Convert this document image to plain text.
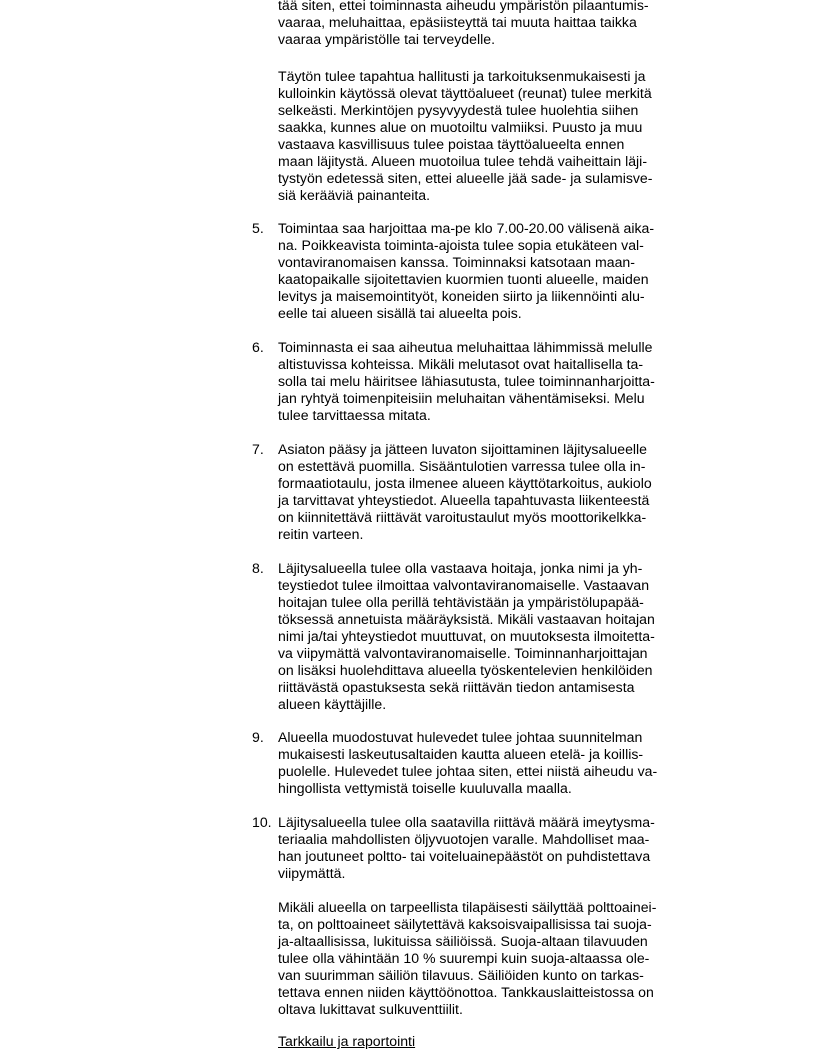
tää siten, ettei toiminnasta aiheudu ympäristön pilaantumis-
vaaraa, meluhaittaa, epäsiisteyttä tai muuta haittaa taikka
vaaraa ympäristölle tai terveydelle.
Täytön tulee tapahtua hallitusti ja tarkoituksenmukaisesti ja
kulloinkin käytössä olevat täyttöalueet (reunat) tulee merkitä
selkeästi. Merkintöjen pysyvyydestä tulee huolehtia siihen
saakka, kunnes alue on muotoiltu valmiiksi. Puusto ja muu
vastaava kasvillisuus tulee poistaa täyttöalueelta ennen
maan läjitystä. Alueen muotoilua tulee tehdä vaiheittain läji-
tystyön edetessä siten, ettei alueelle jää sade- ja sulamisve-
siä kerääviä painanteita.
5. Toimintaa saa harjoittaa ma-pe klo 7.00-20.00 välisenä aika-
na. Poikkeavista toiminta-ajoista tulee sopia etukäteen val-
vontaviranomaisen kanssa. Toiminnaksi katsotaan maan-
kaatopaikalle sijoitettavien kuormien tuonti alueelle, maiden
levitys ja maisemointityöt, koneiden siirto ja liikennöinti alu-
eelle tai alueen sisällä tai alueelta pois.
6. Toiminnasta ei saa aiheutua meluhaittaa lähimmissä melulle
altistuvissa kohteissa. Mikäli melutasot ovat haitallisella ta-
solla tai melu häiritsee lähiasutusta, tulee toiminnanharjoitta-
jan ryhtyä toimenpiteisiin meluhaitan vähentämiseksi. Melu
tulee tarvittaessa mitata.
7. Asiaton pääsy ja jätteen luvaton sijoittaminen läjitysalueelle
on estettävä puomilla. Sisääntulotien varressa tulee olla in-
formaatiotaulu, josta ilmenee alueen käyttötarkoitus, aukiolo
ja tarvittavat yhteystiedot. Alueella tapahtuvasta liikenteestä
on kiinnitettävä riittävät varoitustaulut myös moottorikelkka-
reitin varteen.
8. Läjitysalueella tulee olla vastaava hoitaja, jonka nimi ja yh-
teystiedot tulee ilmoittaa valvontaviranomaiselle. Vastaavan
hoitajan tulee olla perillä tehtävistään ja ympäristölupapää-
töksessä annetuista määräyksistä. Mikäli vastaavan hoitajan
nimi ja/tai yhteystiedot muuttuvat, on muutoksesta ilmoitetta-
va viipymättä valvontaviranomaiselle. Toiminnanharjoittajan
on lisäksi huolehdittava alueella työskentelevien henkilöiden
riittävästä opastuksesta sekä riittävän tiedon antamisesta
alueen käyttäjille.
9. Alueella muodostuvat hulevedet tulee johtaa suunnitelman
mukaisesti laskeutusaltaiden kautta alueen etelä- ja koillis-
puolelle. Hulevedet tulee johtaa siten, ettei niistä aiheudu va-
hingollista vettymistä toiselle kuuluvalla maalla.
10. Läjitysalueella tulee olla saatavilla riittävä määrä imeytysma-
teriaalia mahdollisten öljyvuotojen varalle. Mahdolliset maa-
han joutuneet poltto- tai voiteluainepäästöt on puhdistettava
viipymättä.
Mikäli alueella on tarpeellista tilapäisesti säilyttää polttoainei-
ta, on polttoaineet säilytettävä kaksoisvaipallisissa tai suoja-
ja-altaallisissa, lukituissa säiliöissä. Suoja-altaan tilavuuden
tulee olla vähintään 10 % suurempi kuin suoja-altaassa ole-
van suurimman säiliön tilavuus. Säiliöiden kunto on tarkas-
tettava ennen niiden käyttöönottoa. Tankkauslaitteistossa on
oltava lukittavat sulkuventtiilit.
Tarkkailu ja raportointi
